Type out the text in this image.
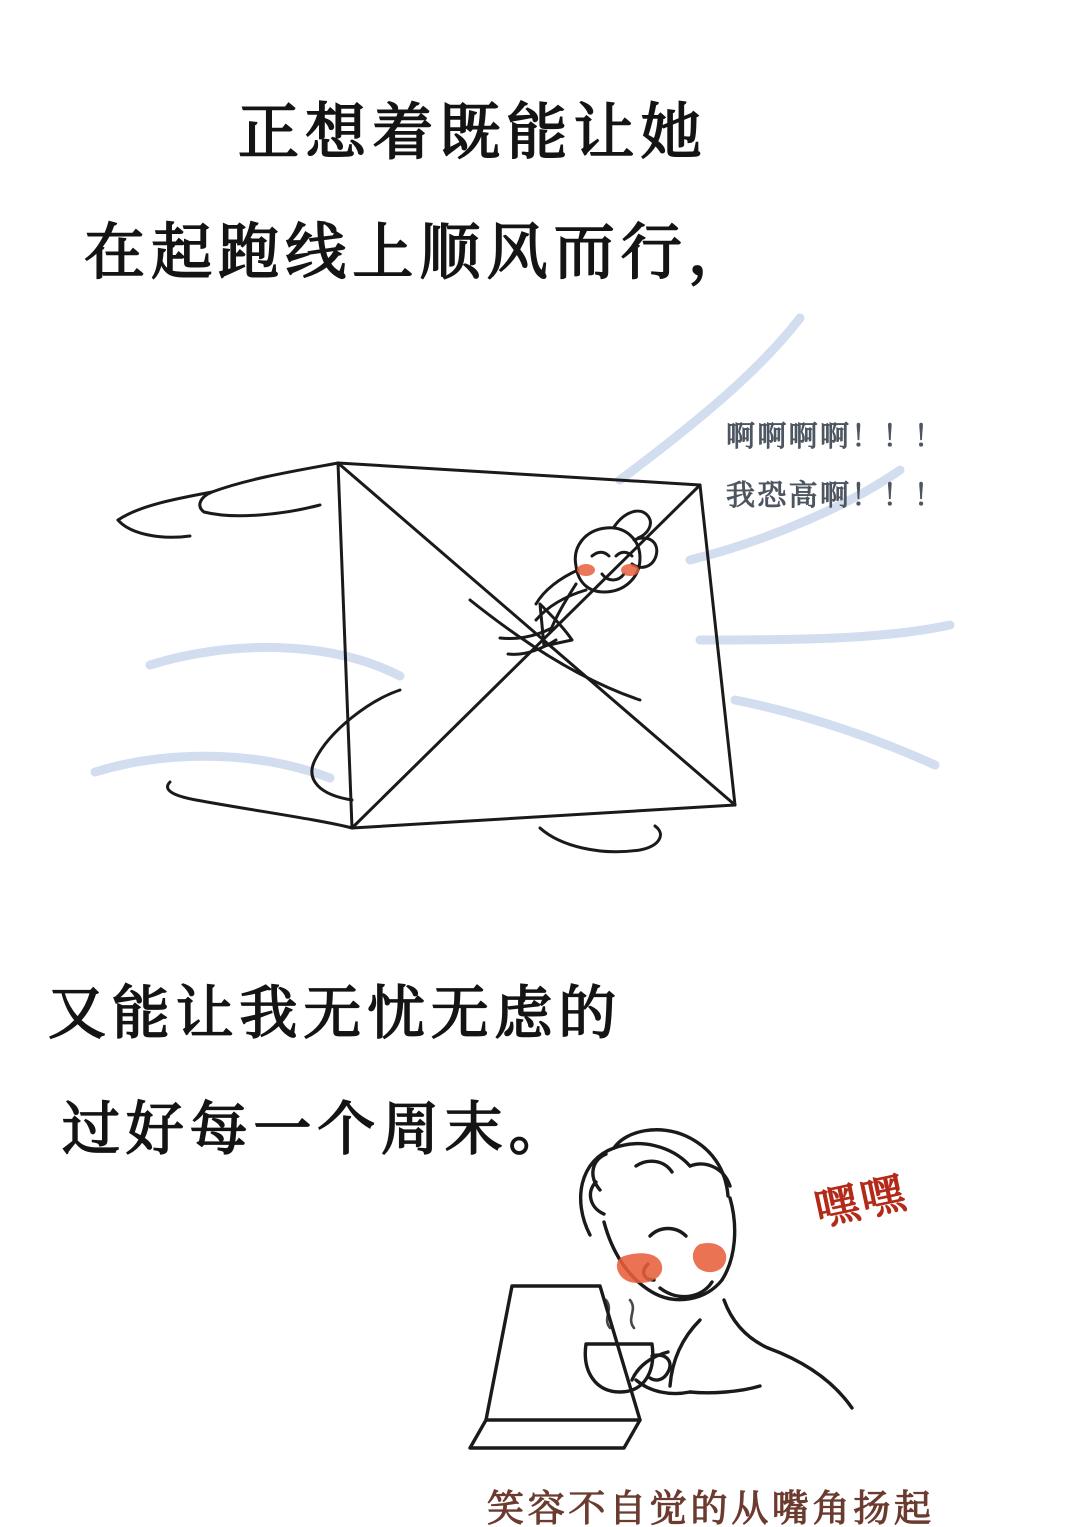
正想着既能让她
在起跑线上顺风而行，
啊啊啊啊！！！
我恐高啊！！！
又能让我无忧无虑的
过好每一个周末。
嘿嘿
笑容不自觉的从嘴角扬起
